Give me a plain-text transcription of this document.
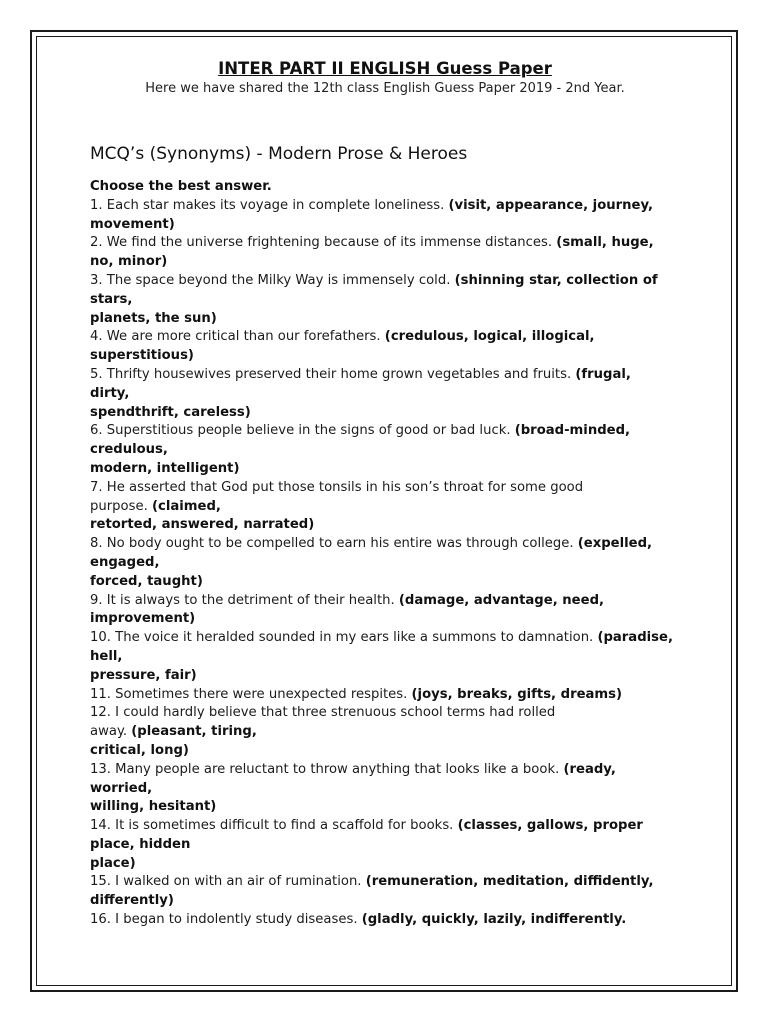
INTER PART II ENGLISH Guess Paper

Here we have shared the 12th class English Guess Paper 2019 - 2nd Year.

MCQ’s (Synonyms) - Modern Prose & Heroes

Choose the best answer.

1. Each star makes its voyage in complete loneliness. (visit, appearance, journey,
movement)

2. We find the universe frightening because of its immense distances. (small, huge,
no, minor)

3. The space beyond the Milky Way is immensely cold. (shinning star, collection of
stars,
planets, the sun)

4. We are more critical than our forefathers. (credulous, logical, illogical,
superstitious)

5. Thrifty housewives preserved their home grown vegetables and fruits. (frugal,
dirty,
spendthrift, careless)

6. Superstitious people believe in the signs of good or bad luck. (broad-minded,
credulous,
modern, intelligent)

7. He asserted that God put those tonsils in his son’s throat for some good
purpose. (claimed,
retorted, answered, narrated)

8. No body ought to be compelled to earn his entire was through college. (expelled,
engaged,
forced, taught)

9. It is always to the detriment of their health. (damage, advantage, need,
improvement)

10. The voice it heralded sounded in my ears like a summons to damnation. (paradise,
hell,
pressure, fair)

11. Sometimes there were unexpected respites. (joys, breaks, gifts, dreams)

12. I could hardly believe that three strenuous school terms had rolled
away. (pleasant, tiring,
critical, long)

13. Many people are reluctant to throw anything that looks like a book. (ready,
worried,
willing, hesitant)

14. It is sometimes difficult to find a scaffold for books. (classes, gallows, proper
place, hidden
place)

15. I walked on with an air of rumination. (remuneration, meditation, diffidently,
differently)

16. I began to indolently study diseases. (gladly, quickly, lazily, indifferently.
